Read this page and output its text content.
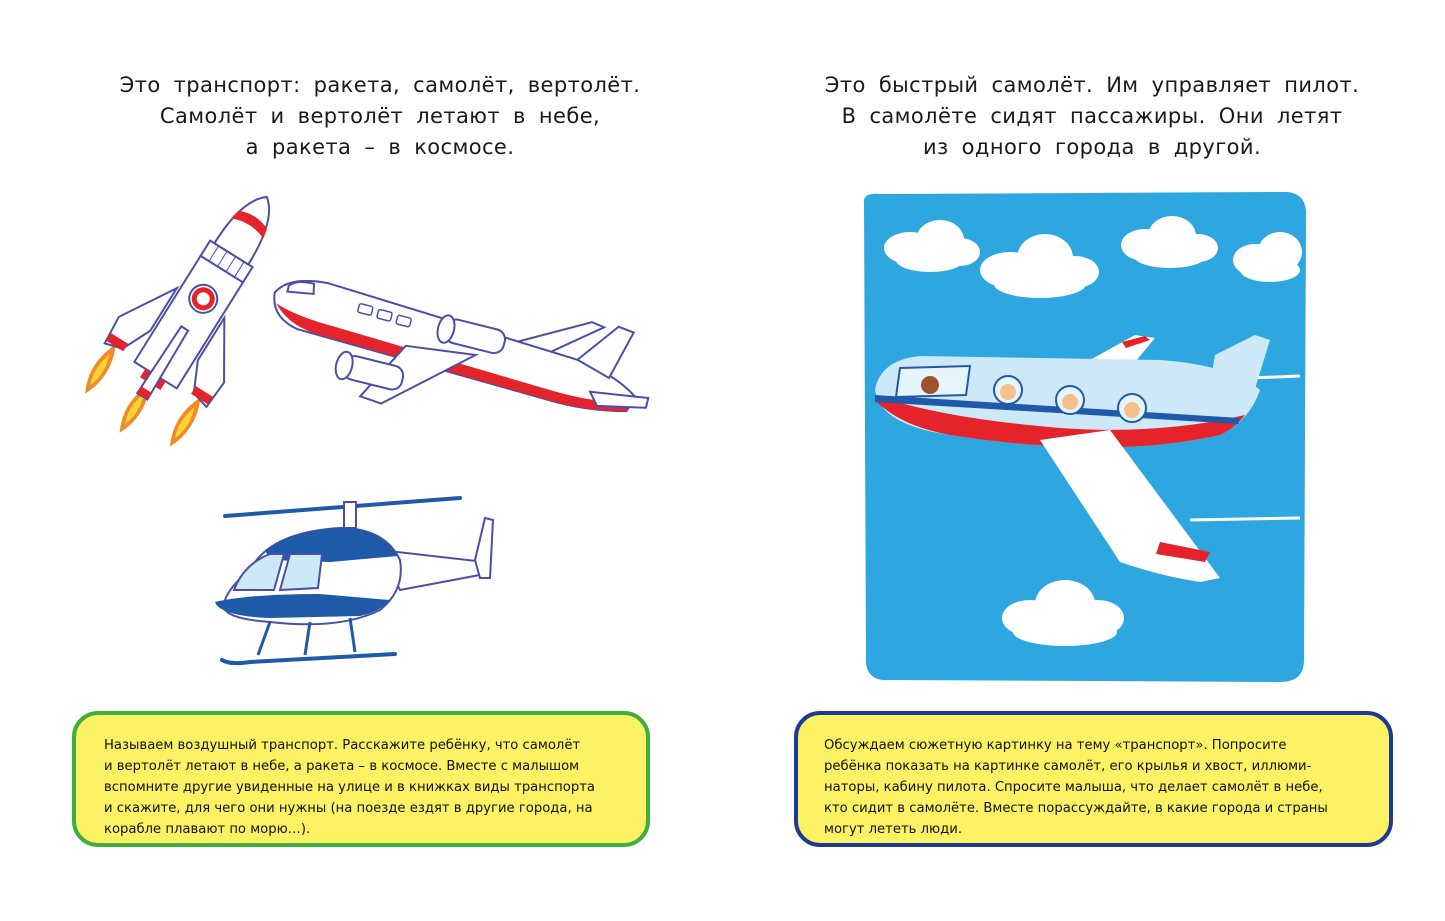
Это транспорт: ракета, самолёт, вертолёт.
Самолёт и вертолёт летают в небе,
а ракета – в космосе.
Называем воздушный транспорт. Расскажите ребёнку, что самолёт
и вертолёт летают в небе, а ракета – в космосе. Вместе с малышом
вспомните другие увиденные на улице и в книжках виды транспорта
и скажите, для чего они нужны (на поезде ездят в другие города, на
корабле плавают по морю…).
Это быстрый самолёт. Им управляет пилот.
В самолёте сидят пассажиры. Они летят
из одного города в другой.
Обсуждаем сюжетную картинку на тему «транспорт». Попросите
ребёнка показать на картинке самолёт, его крылья и хвост, иллюми-
наторы, кабину пилота. Спросите малыша, что делает самолёт в небе,
кто сидит в самолёте. Вместе порассуждайте, в какие города и страны
могут лететь люди.
